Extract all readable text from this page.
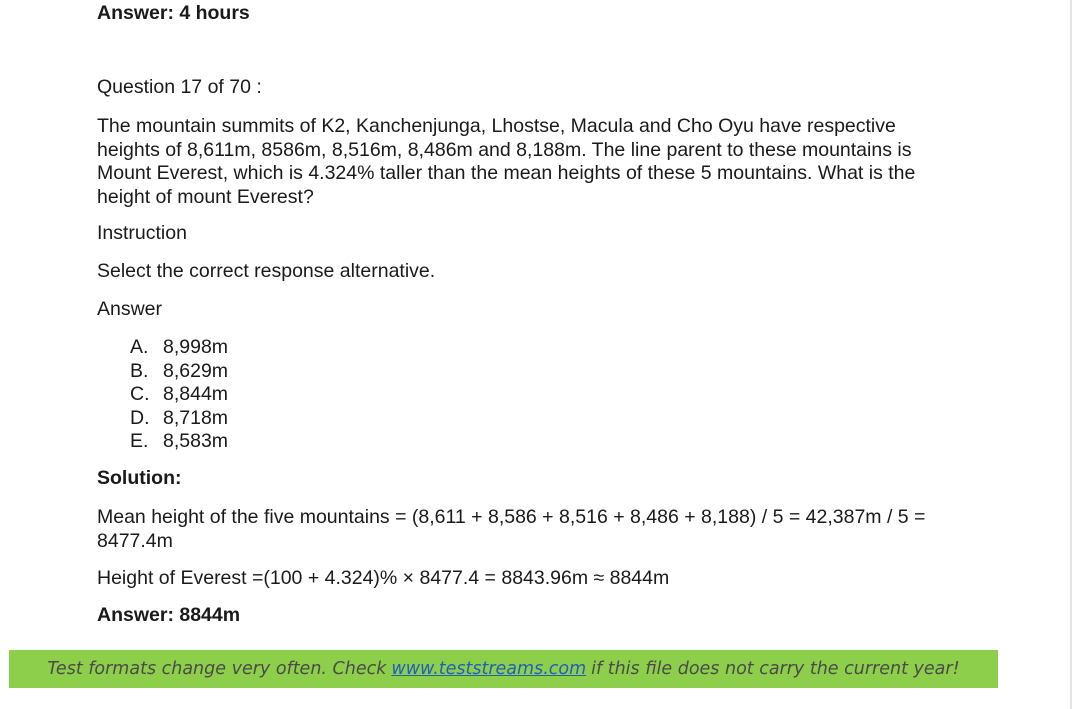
Answer: 4 hours

Question 17 of 70 :

The mountain summits of K2, Kanchenjunga, Lhostse, Macula and Cho Oyu have respective heights of 8,611m, 8586m, 8,516m, 8,486m and 8,188m. The line parent to these mountains is Mount Everest, which is 4.324% taller than the mean heights of these 5 mountains. What is the height of mount Everest?

Instruction

Select the correct response alternative.

Answer

A. 8,998m
B. 8,629m
C. 8,844m
D. 8,718m
E. 8,583m

Solution:

Mean height of the five mountains = (8,611 + 8,586 + 8,516 + 8,486 + 8,188) / 5 = 42,387m / 5 = 8477.4m

Height of Everest =(100 + 4.324)% × 8477.4 = 8843.96m ≈ 8844m

Answer: 8844m

Test formats change very often. Check www.teststreams.com if this file does not carry the current year!
